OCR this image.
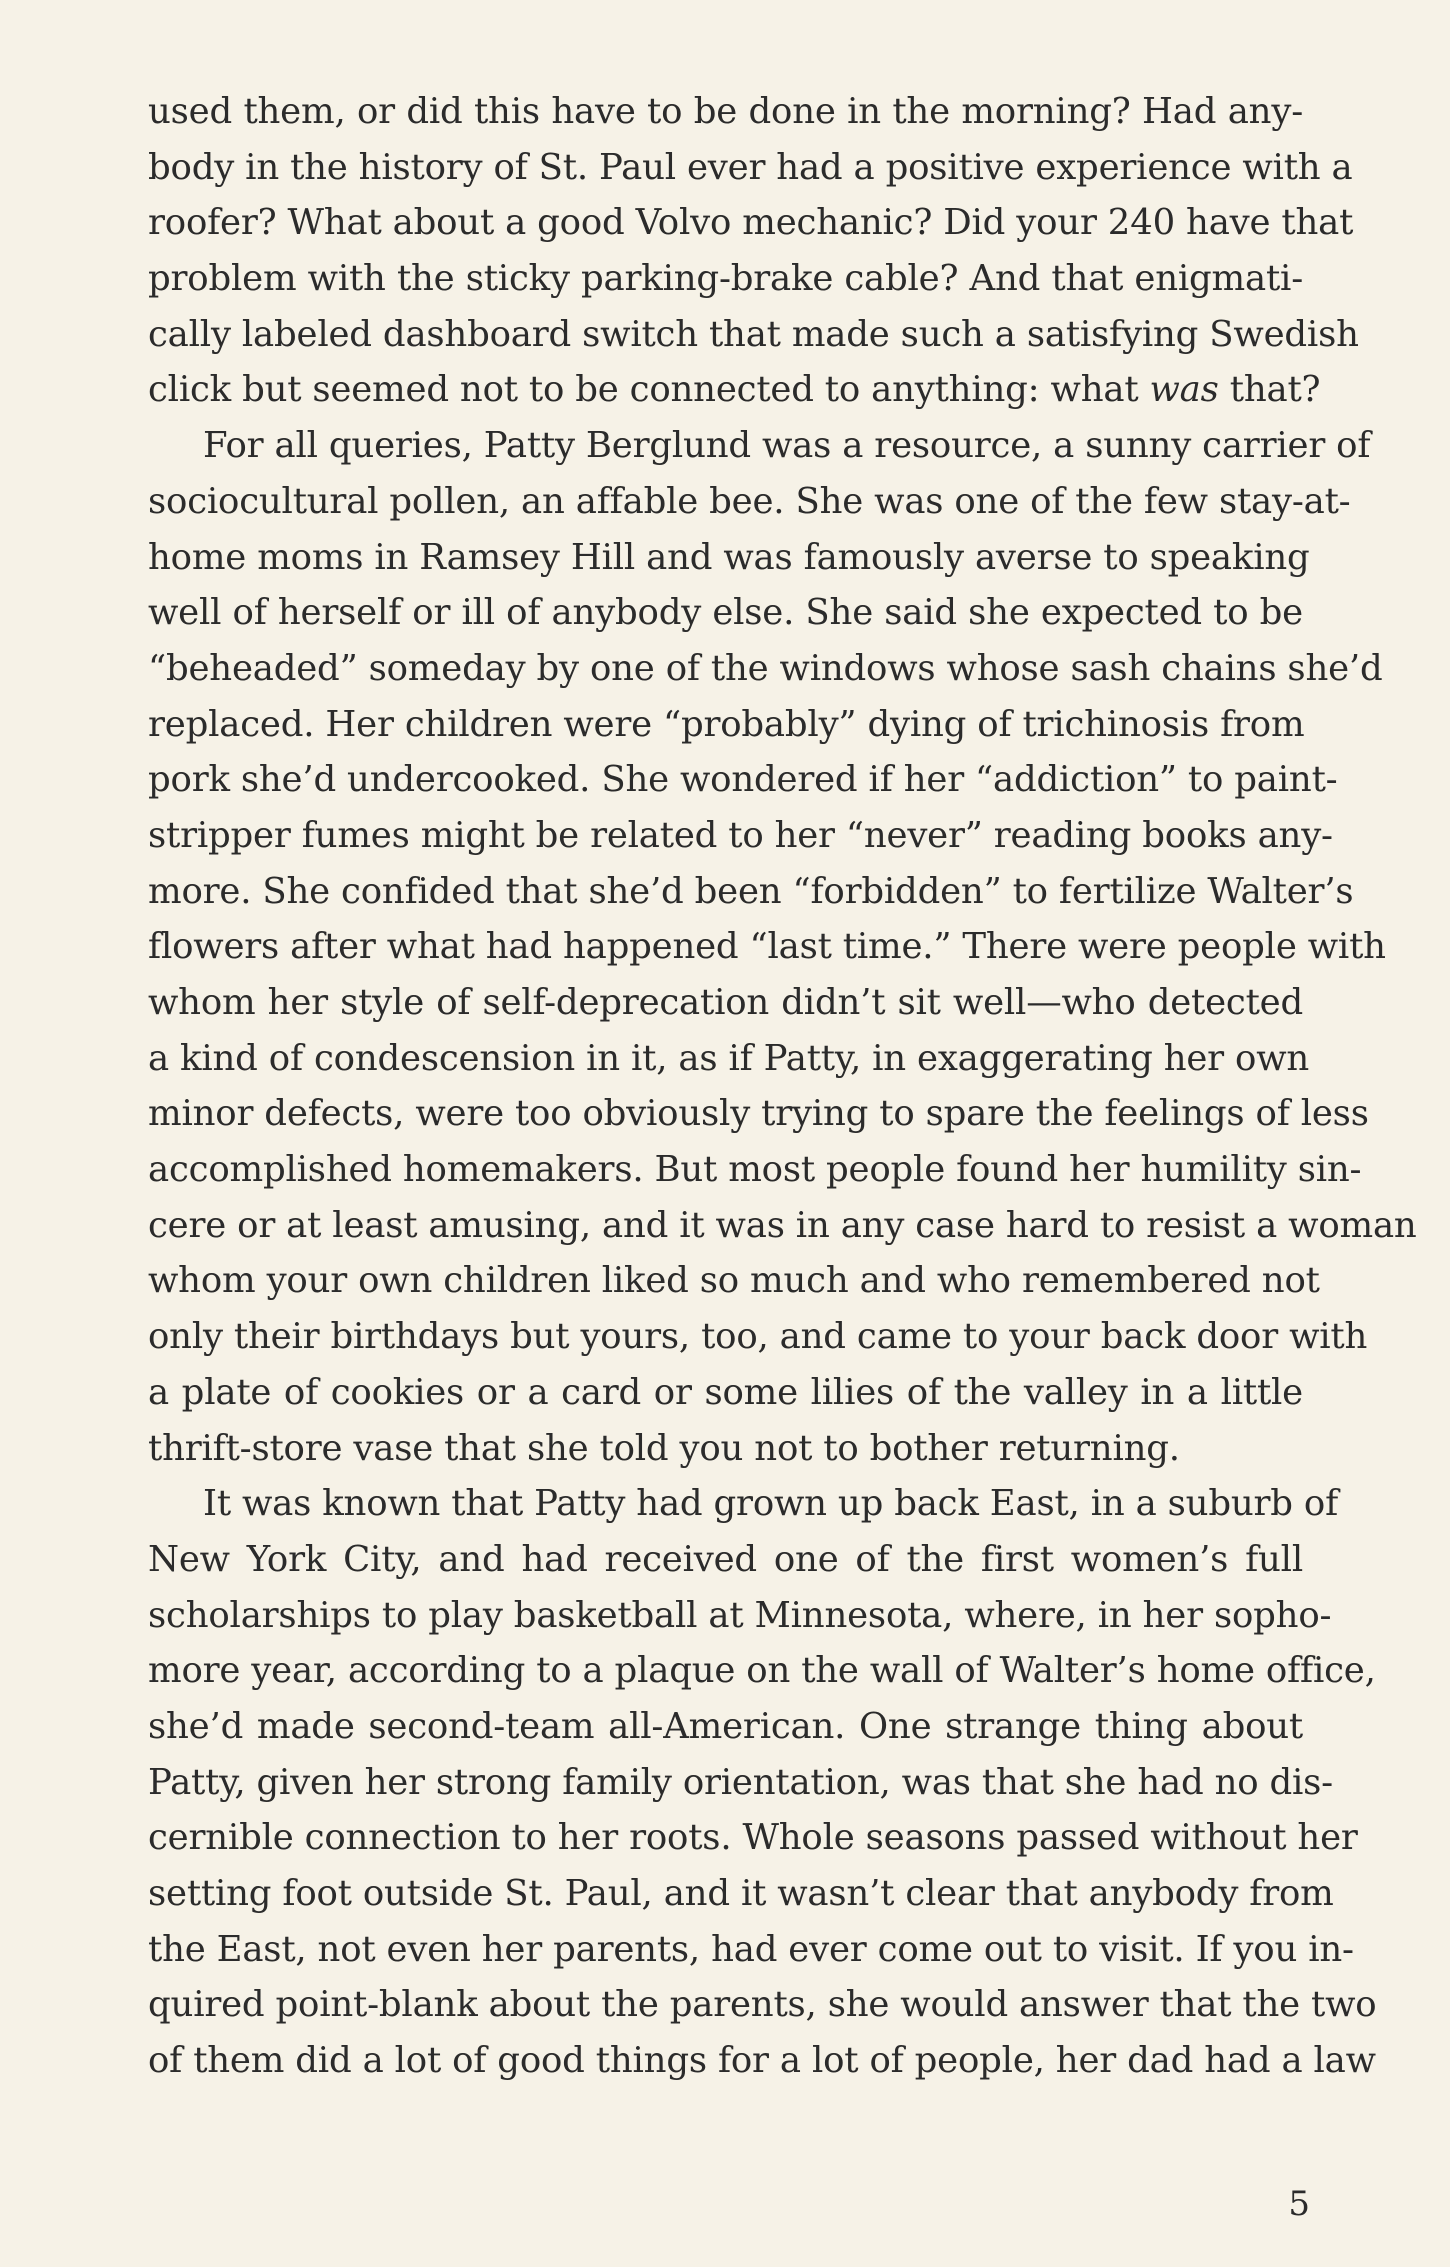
used them, or did this have to be done in the morning? Had any-
body in the history of St. Paul ever had a positive experience with a
roofer? What about a good Volvo mechanic? Did your 240 have that
problem with the sticky parking-brake cable? And that enigmati-
cally labeled dashboard switch that made such a satisfying Swedish
click but seemed not to be connected to anything: what was that?
For all queries, Patty Berglund was a resource, a sunny carrier of
sociocultural pollen, an affable bee. She was one of the few stay-at-
home moms in Ramsey Hill and was famously averse to speaking
well of herself or ill of anybody else. She said she expected to be
“beheaded” someday by one of the windows whose sash chains she’d
replaced. Her children were “probably” dying of trichinosis from
pork she’d undercooked. She wondered if her “addiction” to paint-
stripper fumes might be related to her “never” reading books any-
more. She confided that she’d been “forbidden” to fertilize Walter’s
flowers after what had happened “last time.” There were people with
whom her style of self-deprecation didn’t sit well—who detected
a kind of condescension in it, as if Patty, in exaggerating her own
minor defects, were too obviously trying to spare the feelings of less
accomplished homemakers. But most people found her humility sin-
cere or at least amusing, and it was in any case hard to resist a woman
whom your own children liked so much and who remembered not
only their birthdays but yours, too, and came to your back door with
a plate of cookies or a card or some lilies of the valley in a little
thrift-store vase that she told you not to bother returning.
It was known that Patty had grown up back East, in a suburb of
New York City, and had received one of the first women’s full
scholarships to play basketball at Minnesota, where, in her sopho-
more year, according to a plaque on the wall of Walter’s home office,
she’d made second-team all-American. One strange thing about
Patty, given her strong family orientation, was that she had no dis-
cernible connection to her roots. Whole seasons passed without her
setting foot outside St. Paul, and it wasn’t clear that anybody from
the East, not even her parents, had ever come out to visit. If you in-
quired point-blank about the parents, she would answer that the two
of them did a lot of good things for a lot of people, her dad had a law
5
